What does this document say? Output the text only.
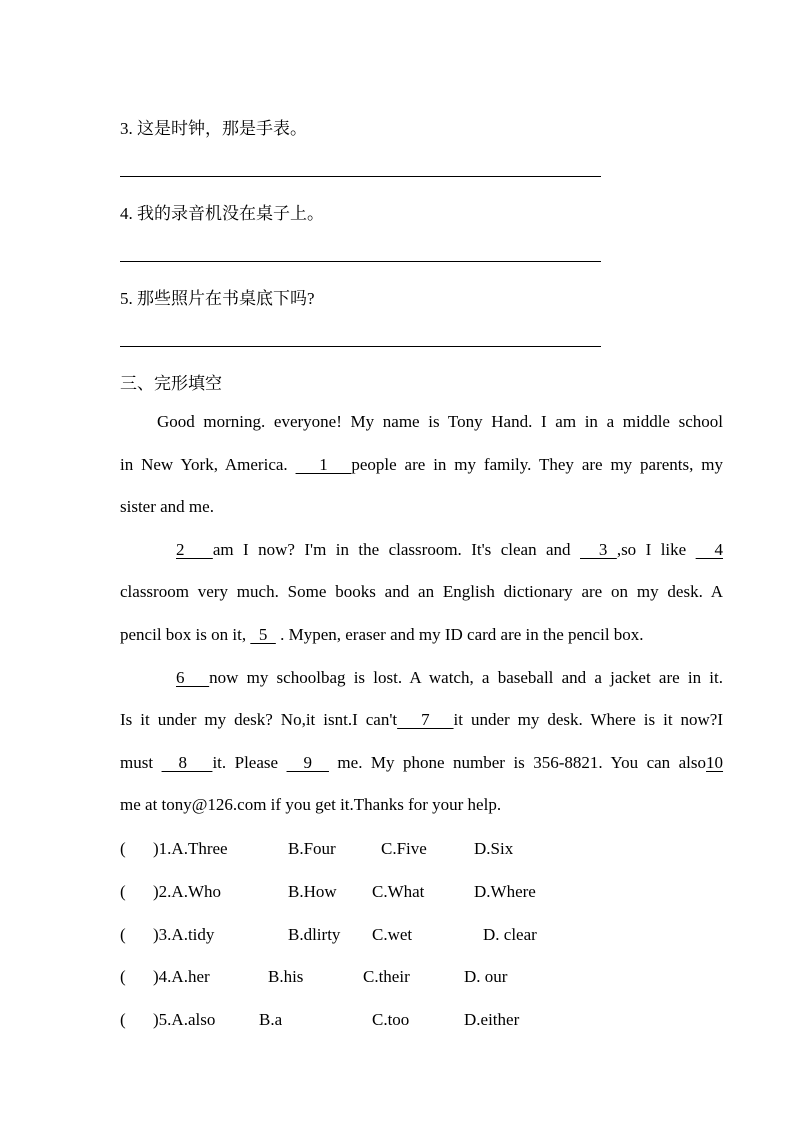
3. 这是时钟，那是手表。
4. 我的录音机没在桌子上。
5. 那些照片在书桌底下吗?
三、完形填空
Good morning. everyone! My name is Tony Hand. I am in a middle school
in New York, America.    1   people are in my family. They are my parents, my
sister and me.
2   am I now? I'm in the classroom. It's clean and   3 ,so I like   4
classroom very much. Some books and an English dictionary are on my desk. A
pencil box is on it,   5   . Mypen, eraser and my ID card are in the pencil box.
6   now my schoolbag is lost. A watch, a baseball and a jacket are in it.
Is it under my desk? No,it isnt.I can't   7   it under my desk. Where is it now?I
must   8   it. Please   9   me. My phone number is 356-8821. You can also10
me at tony@126.com if you get it.Thanks for your help.
( )1.A.Three	B.Four	C.Five	D.Six
( )2.A.Who	B.How C.What	D.Where
( )3.A.tidy	B.dlirty C.wet	D. clear
( )4.A.her	B.his	C.their	D. our
( )5.A.also	B.a	C.too	D.either
